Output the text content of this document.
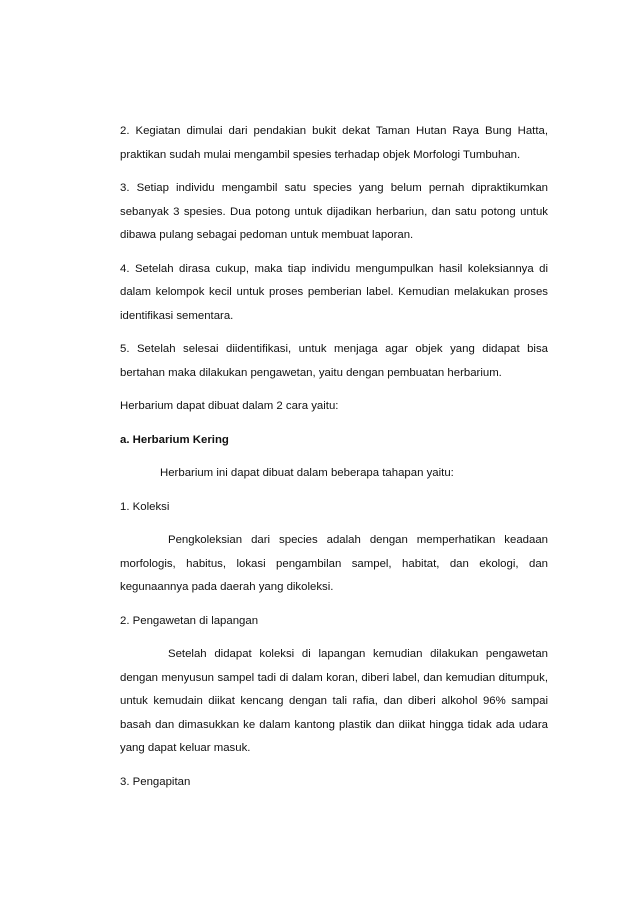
2. Kegiatan dimulai dari pendakian bukit dekat Taman Hutan Raya Bung Hatta, praktikan sudah mulai mengambil spesies terhadap objek Morfologi Tumbuhan.

3. Setiap individu mengambil satu species yang belum pernah dipraktikumkan sebanyak 3 spesies. Dua potong untuk dijadikan herbariun, dan satu potong untuk dibawa pulang sebagai pedoman untuk membuat laporan.

4. Setelah dirasa cukup, maka tiap individu mengumpulkan hasil koleksiannya di dalam kelompok kecil untuk proses pemberian label. Kemudian melakukan proses identifikasi sementara.

5. Setelah selesai diidentifikasi, untuk menjaga agar objek yang didapat bisa bertahan maka dilakukan pengawetan, yaitu dengan pembuatan herbarium.

Herbarium dapat dibuat dalam 2 cara yaitu:

a. Herbarium Kering

Herbarium ini dapat dibuat dalam beberapa tahapan yaitu:

1. Koleksi

Pengkoleksian dari species adalah dengan memperhatikan keadaan morfologis, habitus, lokasi pengambilan sampel, habitat, dan ekologi, dan kegunaannya pada daerah yang dikoleksi.

2. Pengawetan di lapangan

Setelah didapat koleksi di lapangan kemudian dilakukan pengawetan dengan menyusun sampel tadi di dalam koran, diberi label, dan kemudian ditumpuk, untuk kemudain diikat kencang dengan tali rafia, dan diberi alkohol 96% sampai basah dan dimasukkan ke dalam kantong plastik dan diikat hingga tidak ada udara yang dapat keluar masuk.

3. Pengapitan
